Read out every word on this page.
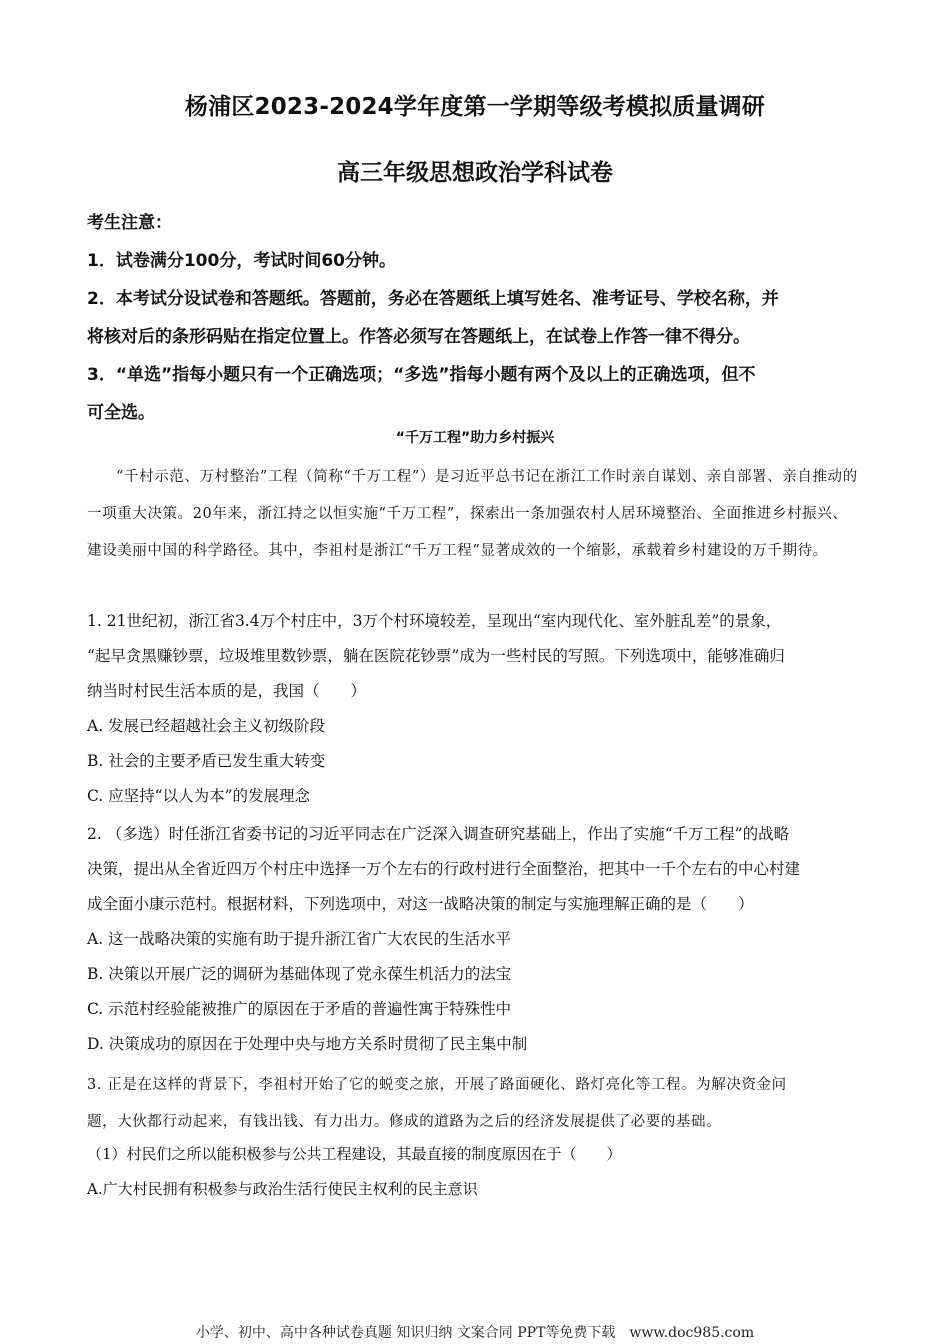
杨浦区2023-2024学年度第一学期等级考模拟质量调研
高三年级思想政治学科试卷
考生注意：
1．试卷满分100分，考试时间60分钟。
2．本考试分设试卷和答题纸。答题前，务必在答题纸上填写姓名、准考证号、学校名称，并
将核对后的条形码贴在指定位置上。作答必须写在答题纸上，在试卷上作答一律不得分。
3．“单选”指每小题只有一个正确选项；“多选”指每小题有两个及以上的正确选项，但不
可全选。
“千万工程”助力乡村振兴
“千村示范、万村整治”工程（简称“千万工程”）是习近平总书记在浙江工作时亲自谋划、亲自部署、亲自推动的一项重大决策。20年来，浙江持之以恒实施“千万工程”，探索出一条加强农村人居环境整治、全面推进乡村振兴、建设美丽中国的科学路径。其中，李祖村是浙江“千万工程”显著成效的一个缩影，承载着乡村建设的万千期待。
1. 21世纪初，浙江省3.4万个村庄中，3万个村环境较差，呈现出“室内现代化、室外脏乱差”的景象，
“起早贪黑赚钞票，垃圾堆里数钞票，躺在医院花钞票”成为一些村民的写照。下列选项中，能够准确归
纳当时村民生活本质的是，我国（　　）
A. 发展已经超越社会主义初级阶段
B. 社会的主要矛盾已发生重大转变
C. 应坚持“以人为本”的发展理念
2. （多选）时任浙江省委书记的习近平同志在广泛深入调查研究基础上，作出了实施“千万工程”的战略
决策，提出从全省近四万个村庄中选择一万个左右的行政村进行全面整治，把其中一千个左右的中心村建
成全面小康示范村。根据材料，下列选项中，对这一战略决策的制定与实施理解正确的是（　　）
A. 这一战略决策的实施有助于提升浙江省广大农民的生活水平
B. 决策以开展广泛的调研为基础体现了党永葆生机活力的法宝
C. 示范村经验能被推广的原因在于矛盾的普遍性寓于特殊性中
D. 决策成功的原因在于处理中央与地方关系时贯彻了民主集中制
3. 正是在这样的背景下，李祖村开始了它的蜕变之旅，开展了路面硬化、路灯亮化等工程。为解决资金问
题，大伙都行动起来，有钱出钱、有力出力。修成的道路为之后的经济发展提供了必要的基础。
（1）村民们之所以能积极参与公共工程建设，其最直接的制度原因在于（　　）
A.广大村民拥有积极参与政治生活行使民主权利的民主意识
小学、初中、高中各种试卷真题 知识归纳 文案合同 PPT等免费下载　www.doc985.com
